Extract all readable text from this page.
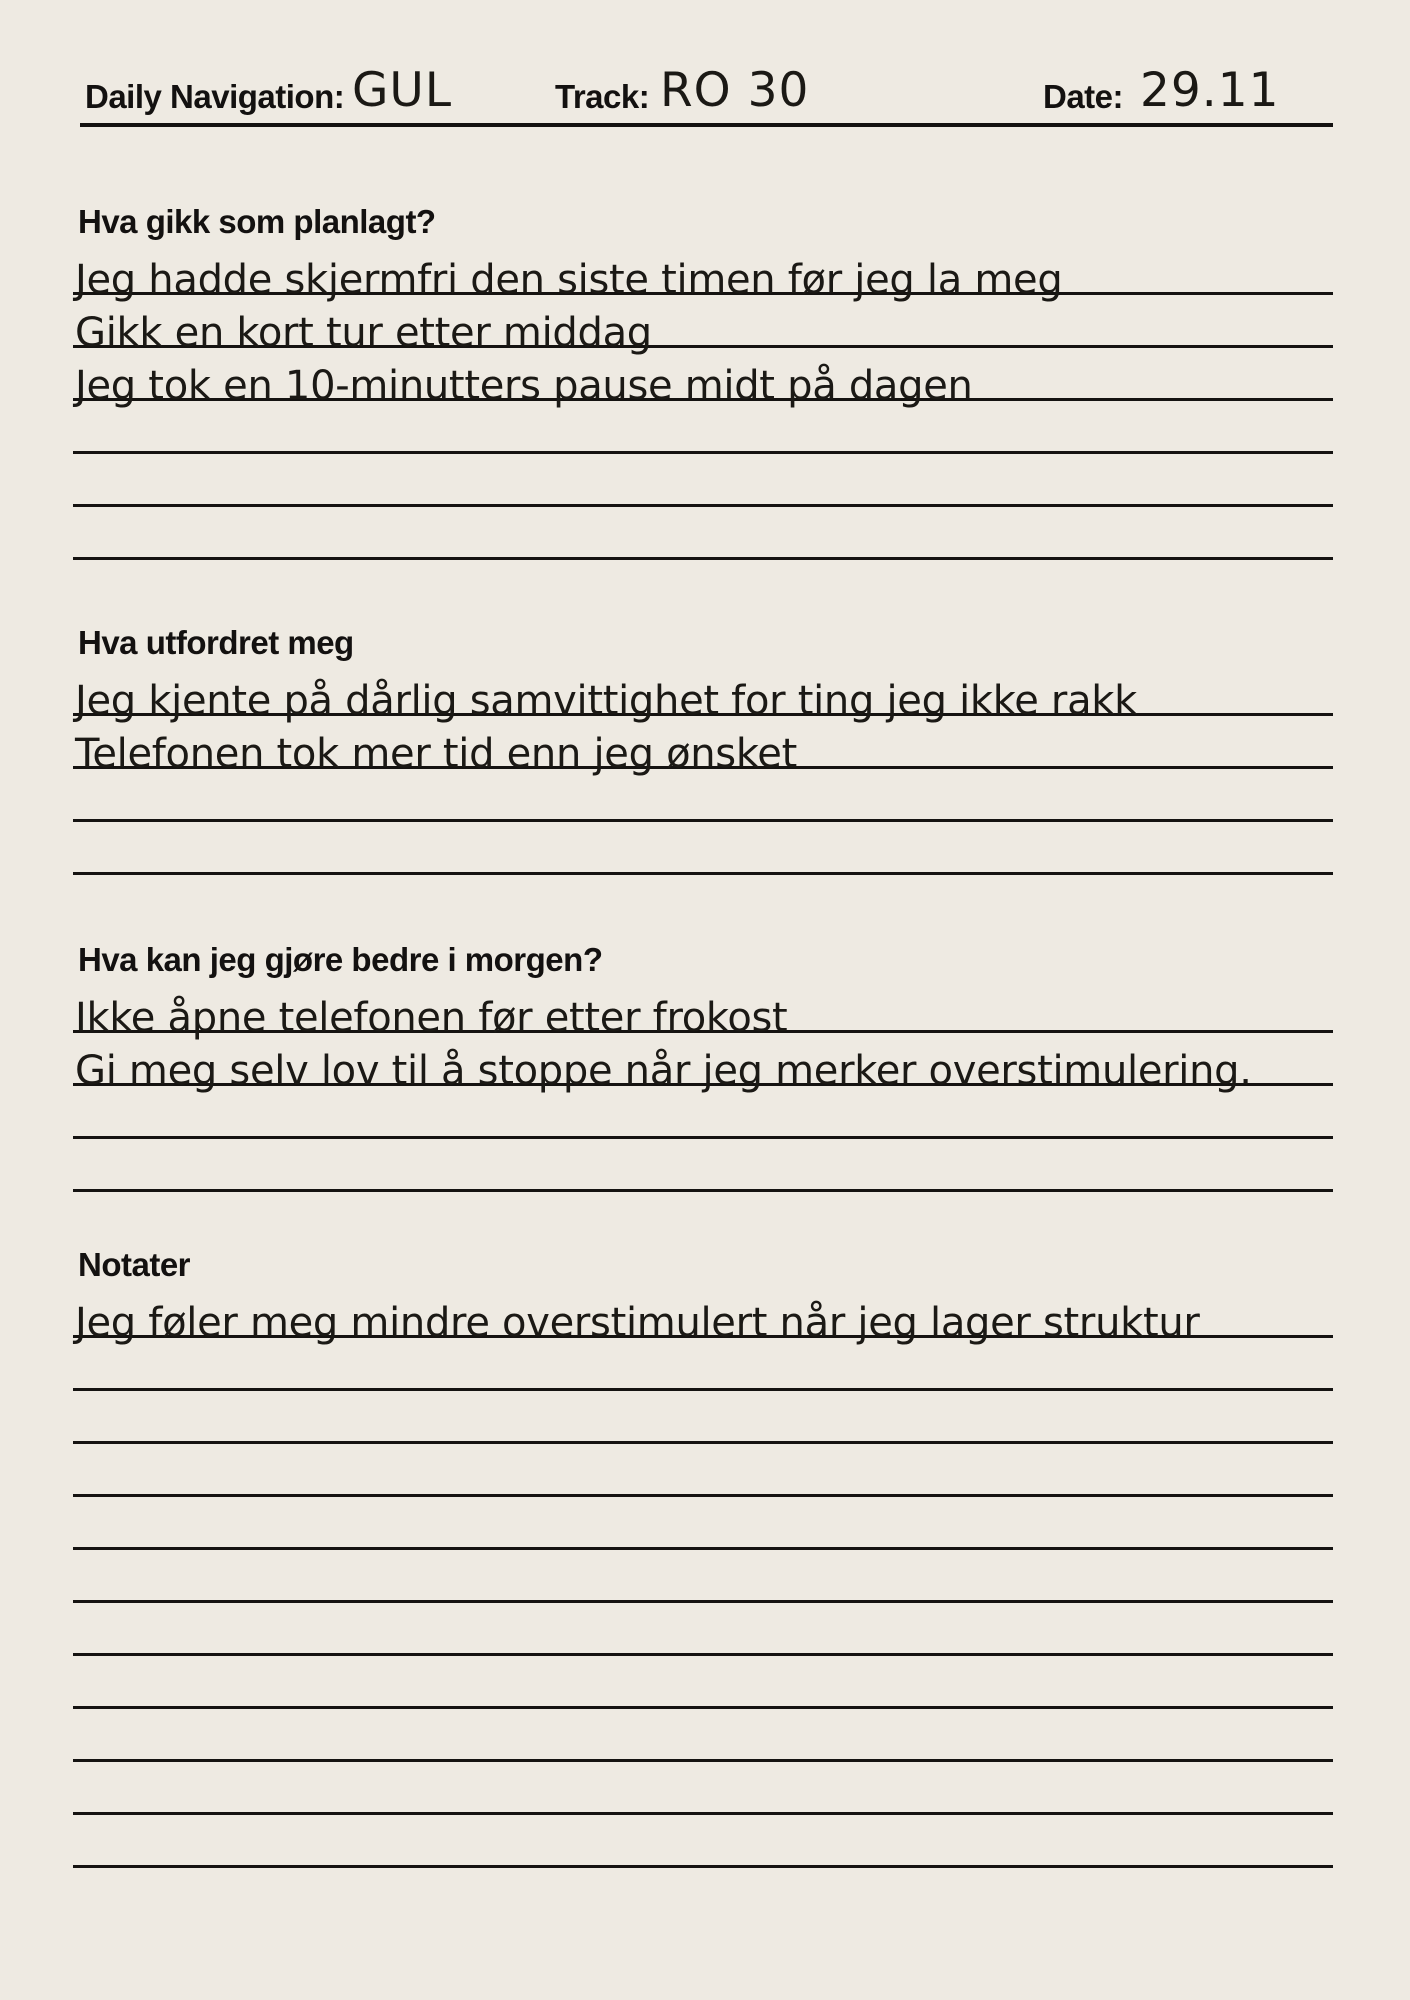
Daily Navigation: GUL	Track: RO 30	Date: 29.11
Hva gikk som planlagt?
Jeg hadde skjermfri den siste timen før jeg la meg
Gikk en kort tur etter middag
Jeg tok en 10-minutters pause midt på dagen
Hva utfordret meg
Jeg kjente på dårlig samvittighet for ting jeg ikke rakk
Telefonen tok mer tid enn jeg ønsket
Hva kan jeg gjøre bedre i morgen?
Ikke åpne telefonen før etter frokost
Gi meg selv lov til å stoppe når jeg merker overstimulering.
Notater
Jeg føler meg mindre overstimulert når jeg lager struktur
